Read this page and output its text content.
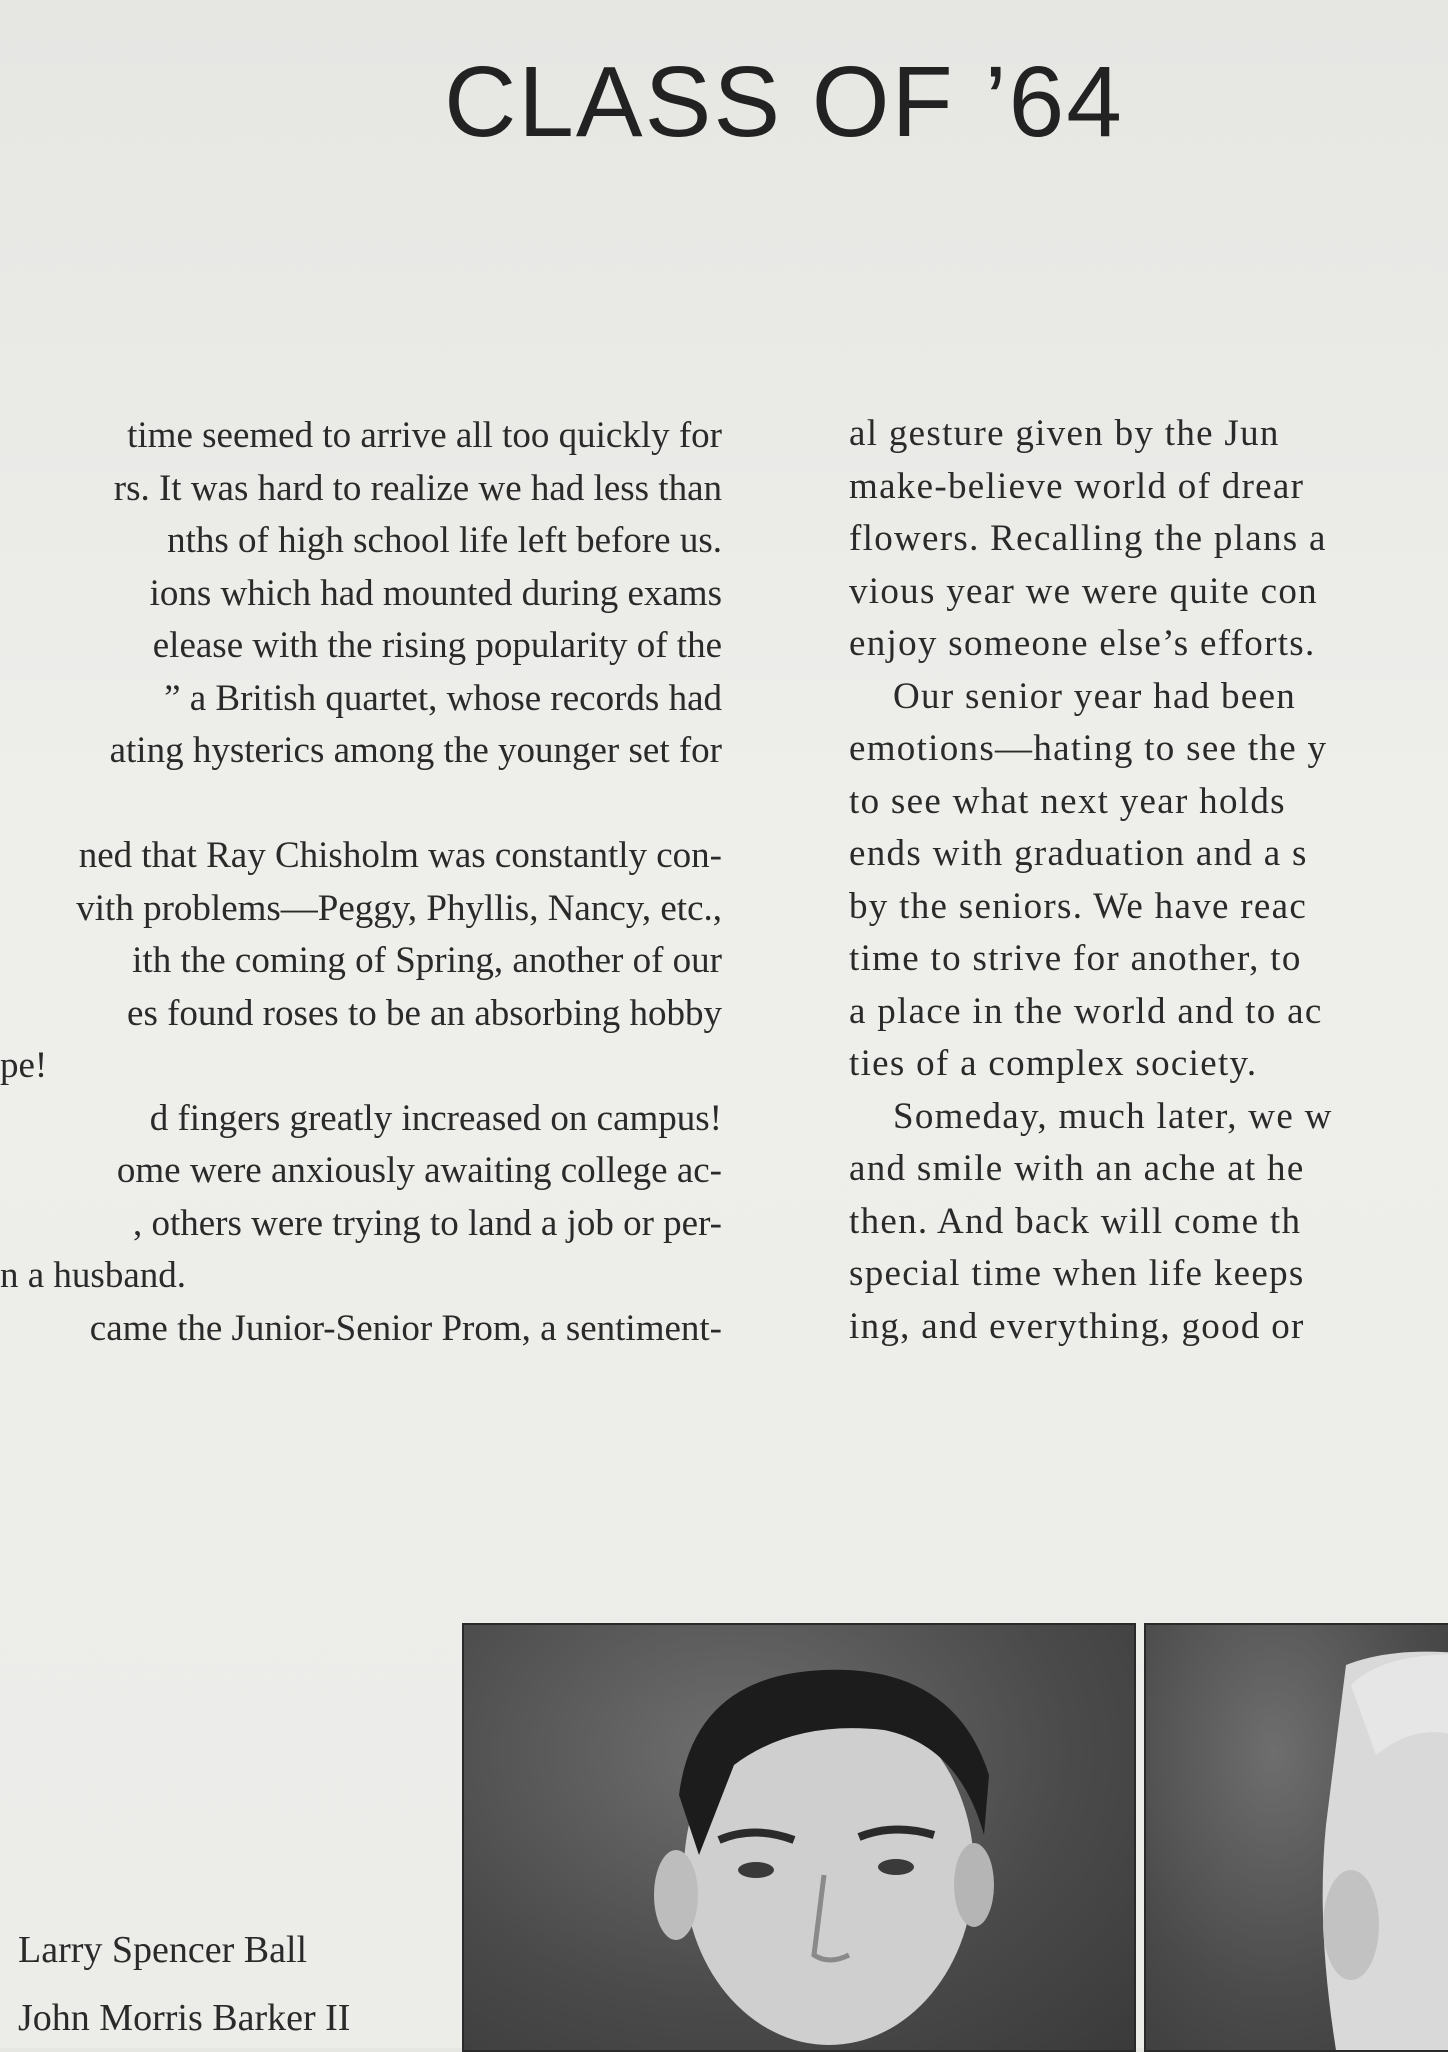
CLASS OF ’64
time seemed to arrive all too quickly for
rs. It was hard to realize we had less than
nths of high school life left before us.
ions which had mounted during exams
elease with the rising popularity of the
” a British quartet, whose records had
ating hysterics among the younger set for
ned that Ray Chisholm was constantly con-
vith problems—Peggy, Phyllis, Nancy, etc.,
ith the coming of Spring, another of our
es found roses to be an absorbing hobby
pe!
d fingers greatly increased on campus!
ome were anxiously awaiting college ac-
, others were trying to land a job or per-
n a husband.
came the Junior-Senior Prom, a sentiment-
al gesture given by the Jun
make-believe world of drear
flowers. Recalling the plans a
vious year we were quite con
enjoy someone else’s efforts.
Our senior year had been
emotions—hating to see the y
to see what next year holds
ends with graduation and a s
by the seniors. We have reac
time to strive for another, to
a place in the world and to ac
ties of a complex society.
Someday, much later, we w
and smile with an ache at he
then. And back will come th
special time when life keeps
ing, and everything, good or
Larry Spencer Ball
John Morris Barker II
